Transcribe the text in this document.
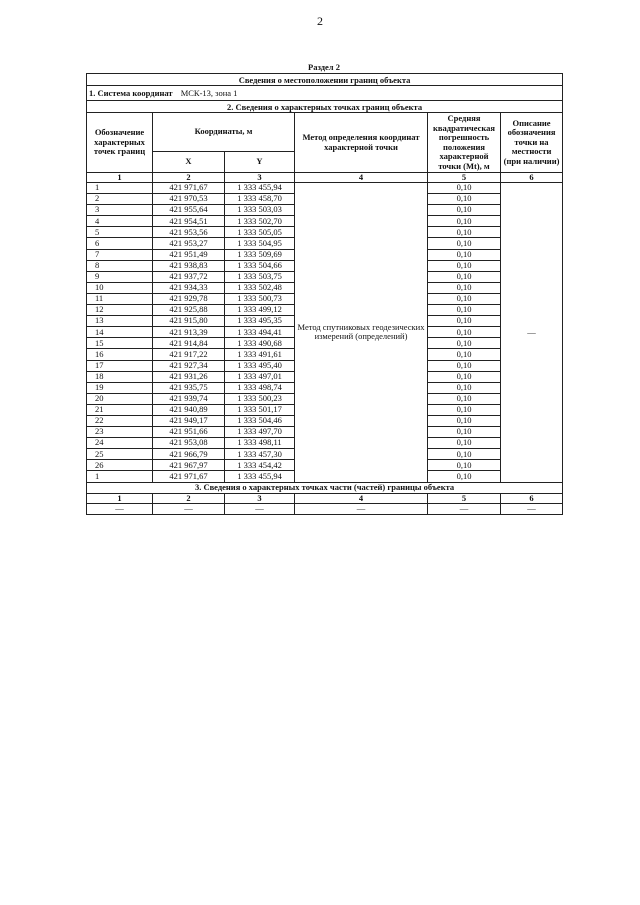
2
Раздел 2
Сведения о местоположении границ объекта					
1. Система координат МСК-13, зона 1					
2. Сведения о характерных точках границ объекта					
Обозначение характерных точек границ	Координаты, м		Метод определения координат характерной точки	Средняя квадратическая погрешность положения характерной точки (Mt), м	Описание обозначения точки на местности (при наличии)
	X	Y			
1	2	3	4	5	6
1	421 971,67	1 333 455,94	Метод спутниковых геодезических измерений (определений)	0,10	—
2	421 970,53	1 333 458,70		0,10	
3	421 955,64	1 333 503,03		0,10	
4	421 954,51	1 333 502,70		0,10	
5	421 953,56	1 333 505,05		0,10	
6	421 953,27	1 333 504,95		0,10	
7	421 951,49	1 333 509,69		0,10	
8	421 938,83	1 333 504,66		0,10	
9	421 937,72	1 333 503,75		0,10	
10	421 934,33	1 333 502,48		0,10	
11	421 929,78	1 333 500,73		0,10	
12	421 925,88	1 333 499,12		0,10	
13	421 915,80	1 333 495,35		0,10	
14	421 913,39	1 333 494,41		0,10	
15	421 914,84	1 333 490,68		0,10	
16	421 917,22	1 333 491,61		0,10	
17	421 927,34	1 333 495,40		0,10	
18	421 931,26	1 333 497,01		0,10	
19	421 935,75	1 333 498,74		0,10	
20	421 939,74	1 333 500,23		0,10	
21	421 940,89	1 333 501,17		0,10	
22	421 949,17	1 333 504,46		0,10	
23	421 951,66	1 333 497,70		0,10	
24	421 953,08	1 333 498,11		0,10	
25	421 966,79	1 333 457,30		0,10	
26	421 967,97	1 333 454,42		0,10	
1	421 971,67	1 333 455,94		0,10	
3. Сведения о характерных точках части (частей) границы объекта					
1	2	3	4	5	6
—	—	—	—	—	—
